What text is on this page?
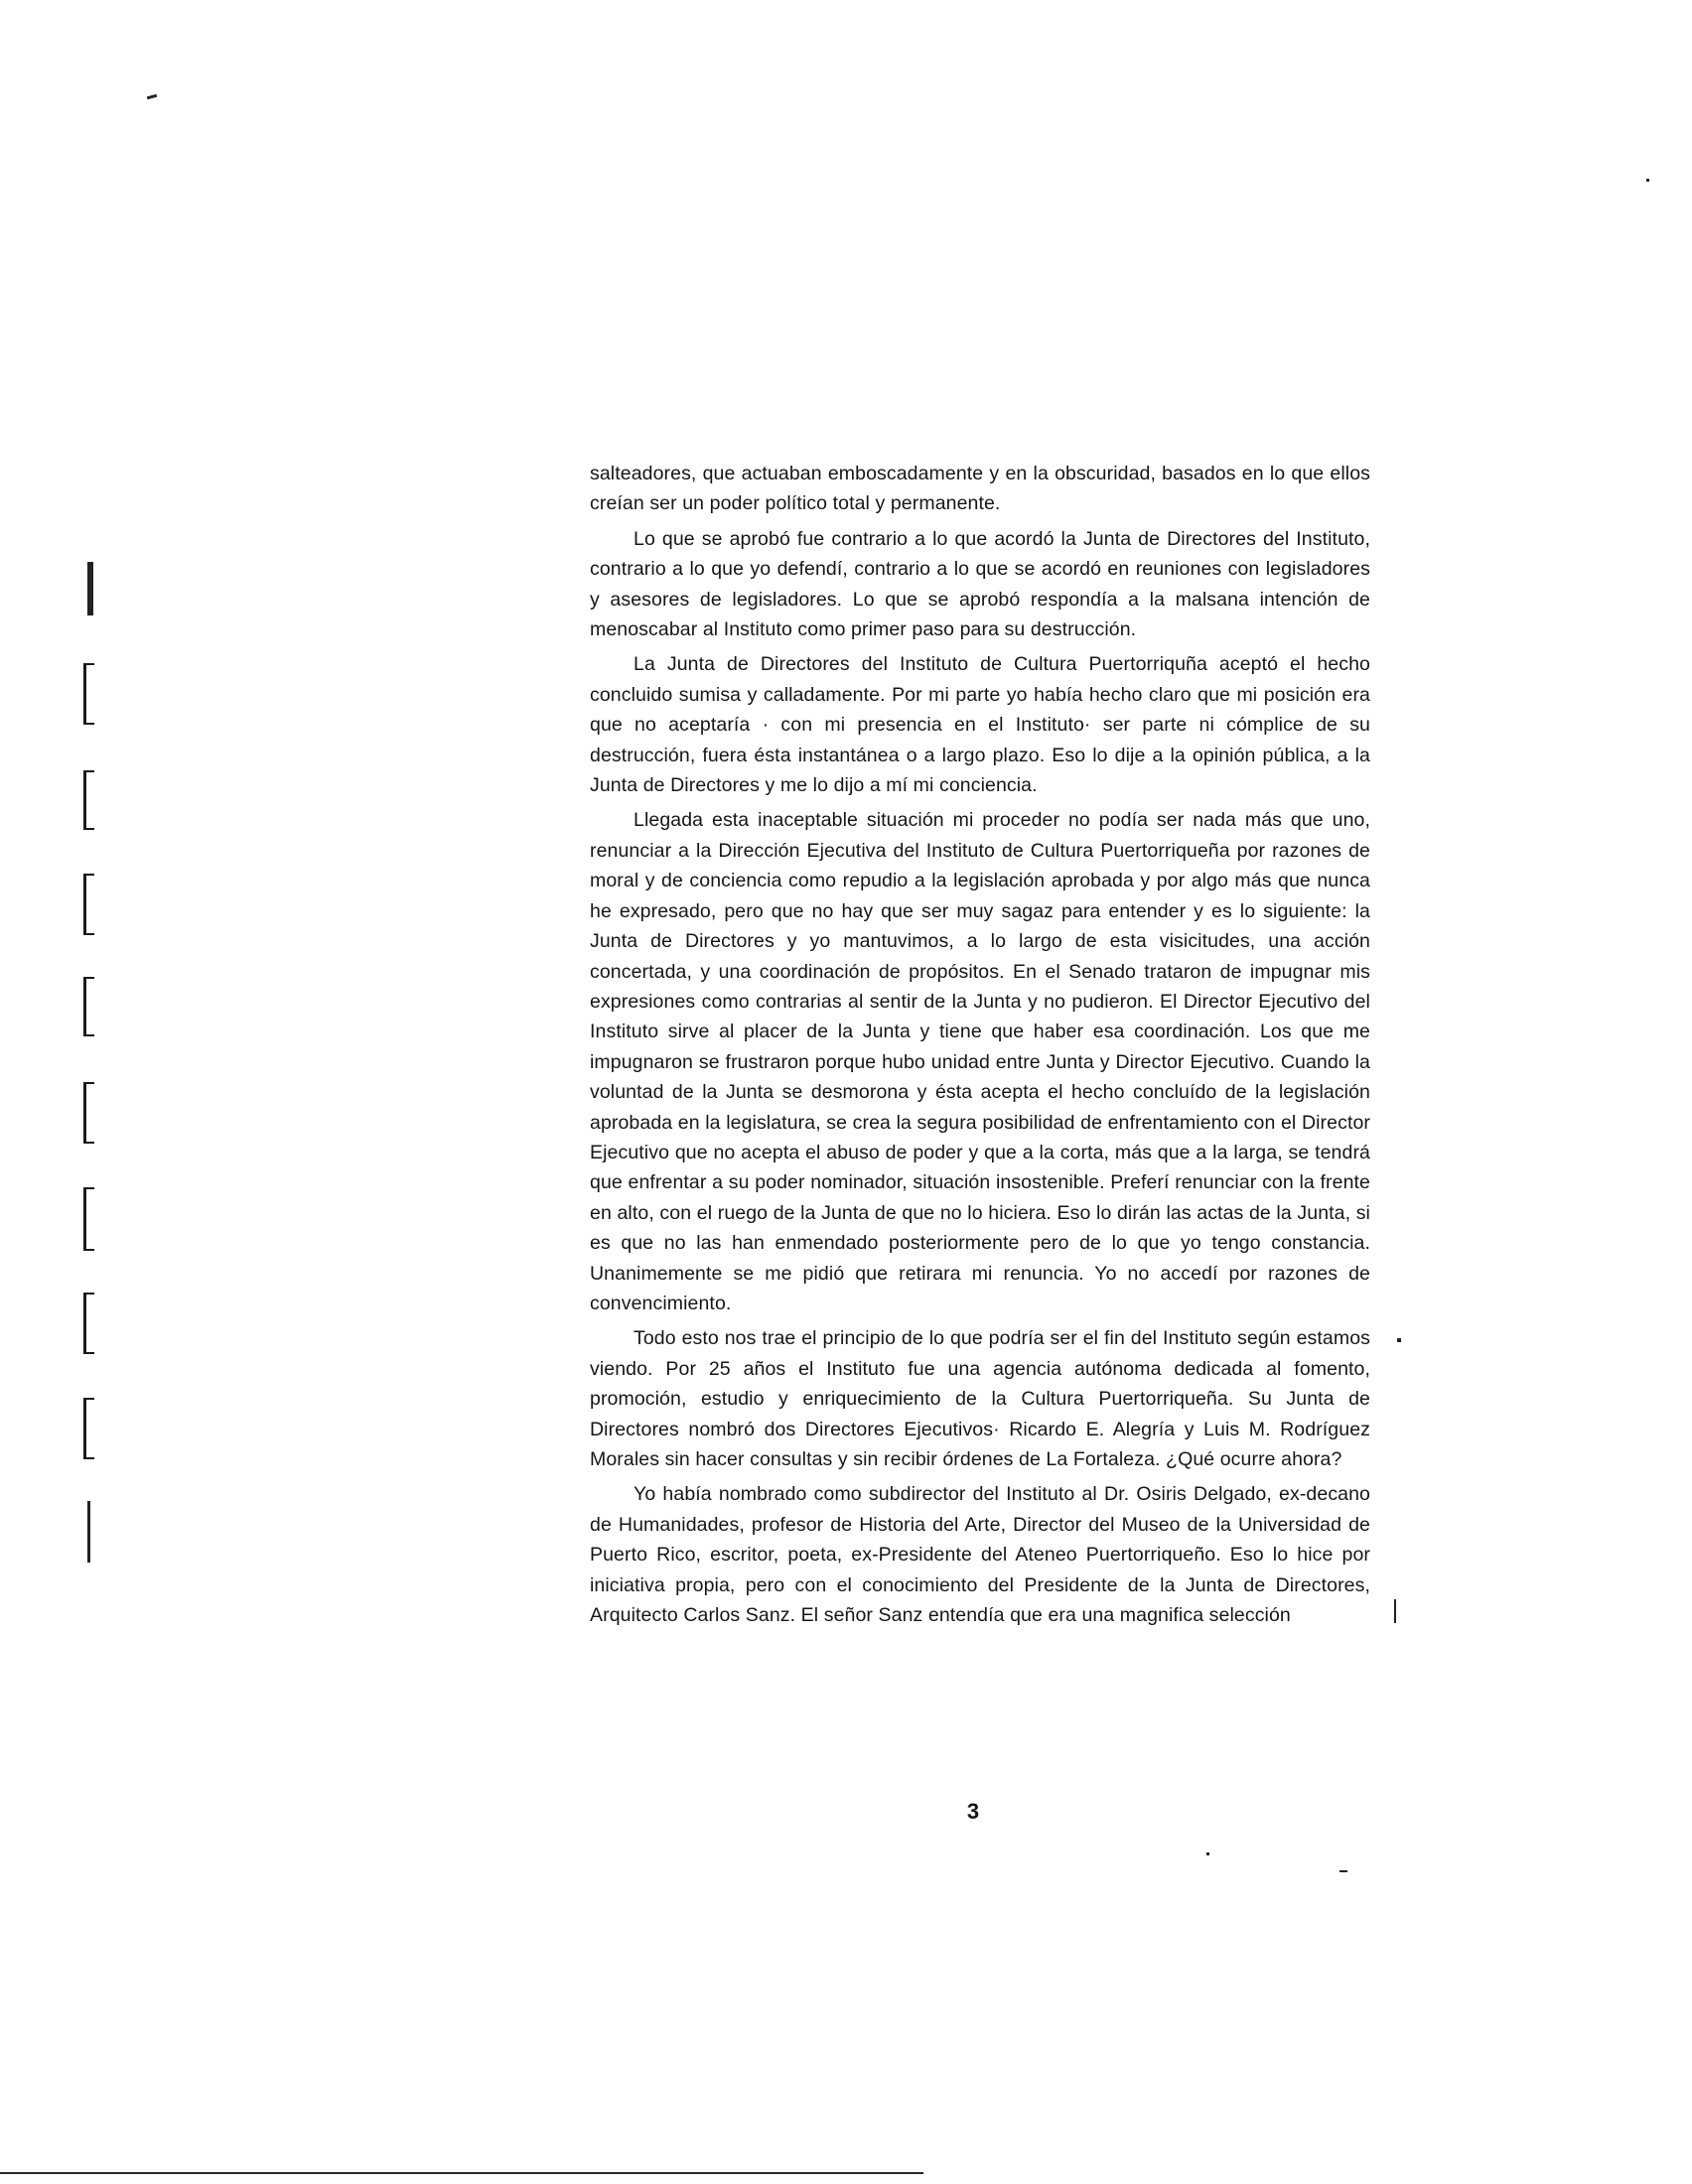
salteadores, que actuaban emboscadamente y en la obscuridad, basados en lo que ellos creían ser un poder político total y permanente.

Lo que se aprobó fue contrario a lo que acordó la Junta de Directores del Instituto, contrario a lo que yo defendí, contrario a lo que se acordó en reuniones con legisladores y asesores de legisladores. Lo que se aprobó respondía a la malsana intención de menoscabar al Instituto como primer paso para su destrucción.

La Junta de Directores del Instituto de Cultura Puertorriquña aceptó el hecho concluido sumisa y calladamente. Por mi parte yo había hecho claro que mi posición era que no aceptaría · con mi presencia en el Instituto· ser parte ni cómplice de su destrucción, fuera ésta instantánea o a largo plazo. Eso lo dije a la opinión pública, a la Junta de Directores y me lo dijo a mí mi conciencia.

Llegada esta inaceptable situación mi proceder no podía ser nada más que uno, renunciar a la Dirección Ejecutiva del Instituto de Cultura Puertorriqueña por razones de moral y de conciencia como repudio a la legislación aprobada y por algo más que nunca he expresado, pero que no hay que ser muy sagaz para entender y es lo siguiente: la Junta de Directores y yo mantuvimos, a lo largo de esta visicitudes, una acción concertada, y una coordinación de propósitos. En el Senado trataron de impugnar mis expresiones como contrarias al sentir de la Junta y no pudieron. El Director Ejecutivo del Instituto sirve al placer de la Junta y tiene que haber esa coordinación. Los que me impugnaron se frustraron porque hubo unidad entre Junta y Director Ejecutivo. Cuando la voluntad de la Junta se desmorona y ésta acepta el hecho concluído de la legislación aprobada en la legislatura, se crea la segura posibilidad de enfrentamiento con el Director Ejecutivo que no acepta el abuso de poder y que a la corta, más que a la larga, se tendrá que enfrentar a su poder nominador, situación insostenible. Preferí renunciar con la frente en alto, con el ruego de la Junta de que no lo hiciera. Eso lo dirán las actas de la Junta, si es que no las han enmendado posteriormente pero de lo que yo tengo constancia. Unanimemente se me pidió que retirara mi renuncia. Yo no accedí por razones de convencimiento.

Todo esto nos trae el principio de lo que podría ser el fin del Instituto según estamos viendo. Por 25 años el Instituto fue una agencia autónoma dedicada al fomento, promoción, estudio y enriquecimiento de la Cultura Puertorriqueña. Su Junta de Directores nombró dos Directores Ejecutivos· Ricardo E. Alegría y Luis M. Rodríguez Morales sin hacer consultas y sin recibir órdenes de La Fortaleza. ¿Qué ocurre ahora?

Yo había nombrado como subdirector del Instituto al Dr. Osiris Delgado, ex-decano de Humanidades, profesor de Historia del Arte, Director del Museo de la Universidad de Puerto Rico, escritor, poeta, ex-Presidente del Ateneo Puertorriqueño. Eso lo hice por iniciativa propia, pero con el conocimiento del Presidente de la Junta de Directores, Arquitecto Carlos Sanz. El señor Sanz entendía que era una magnifica selección

3
